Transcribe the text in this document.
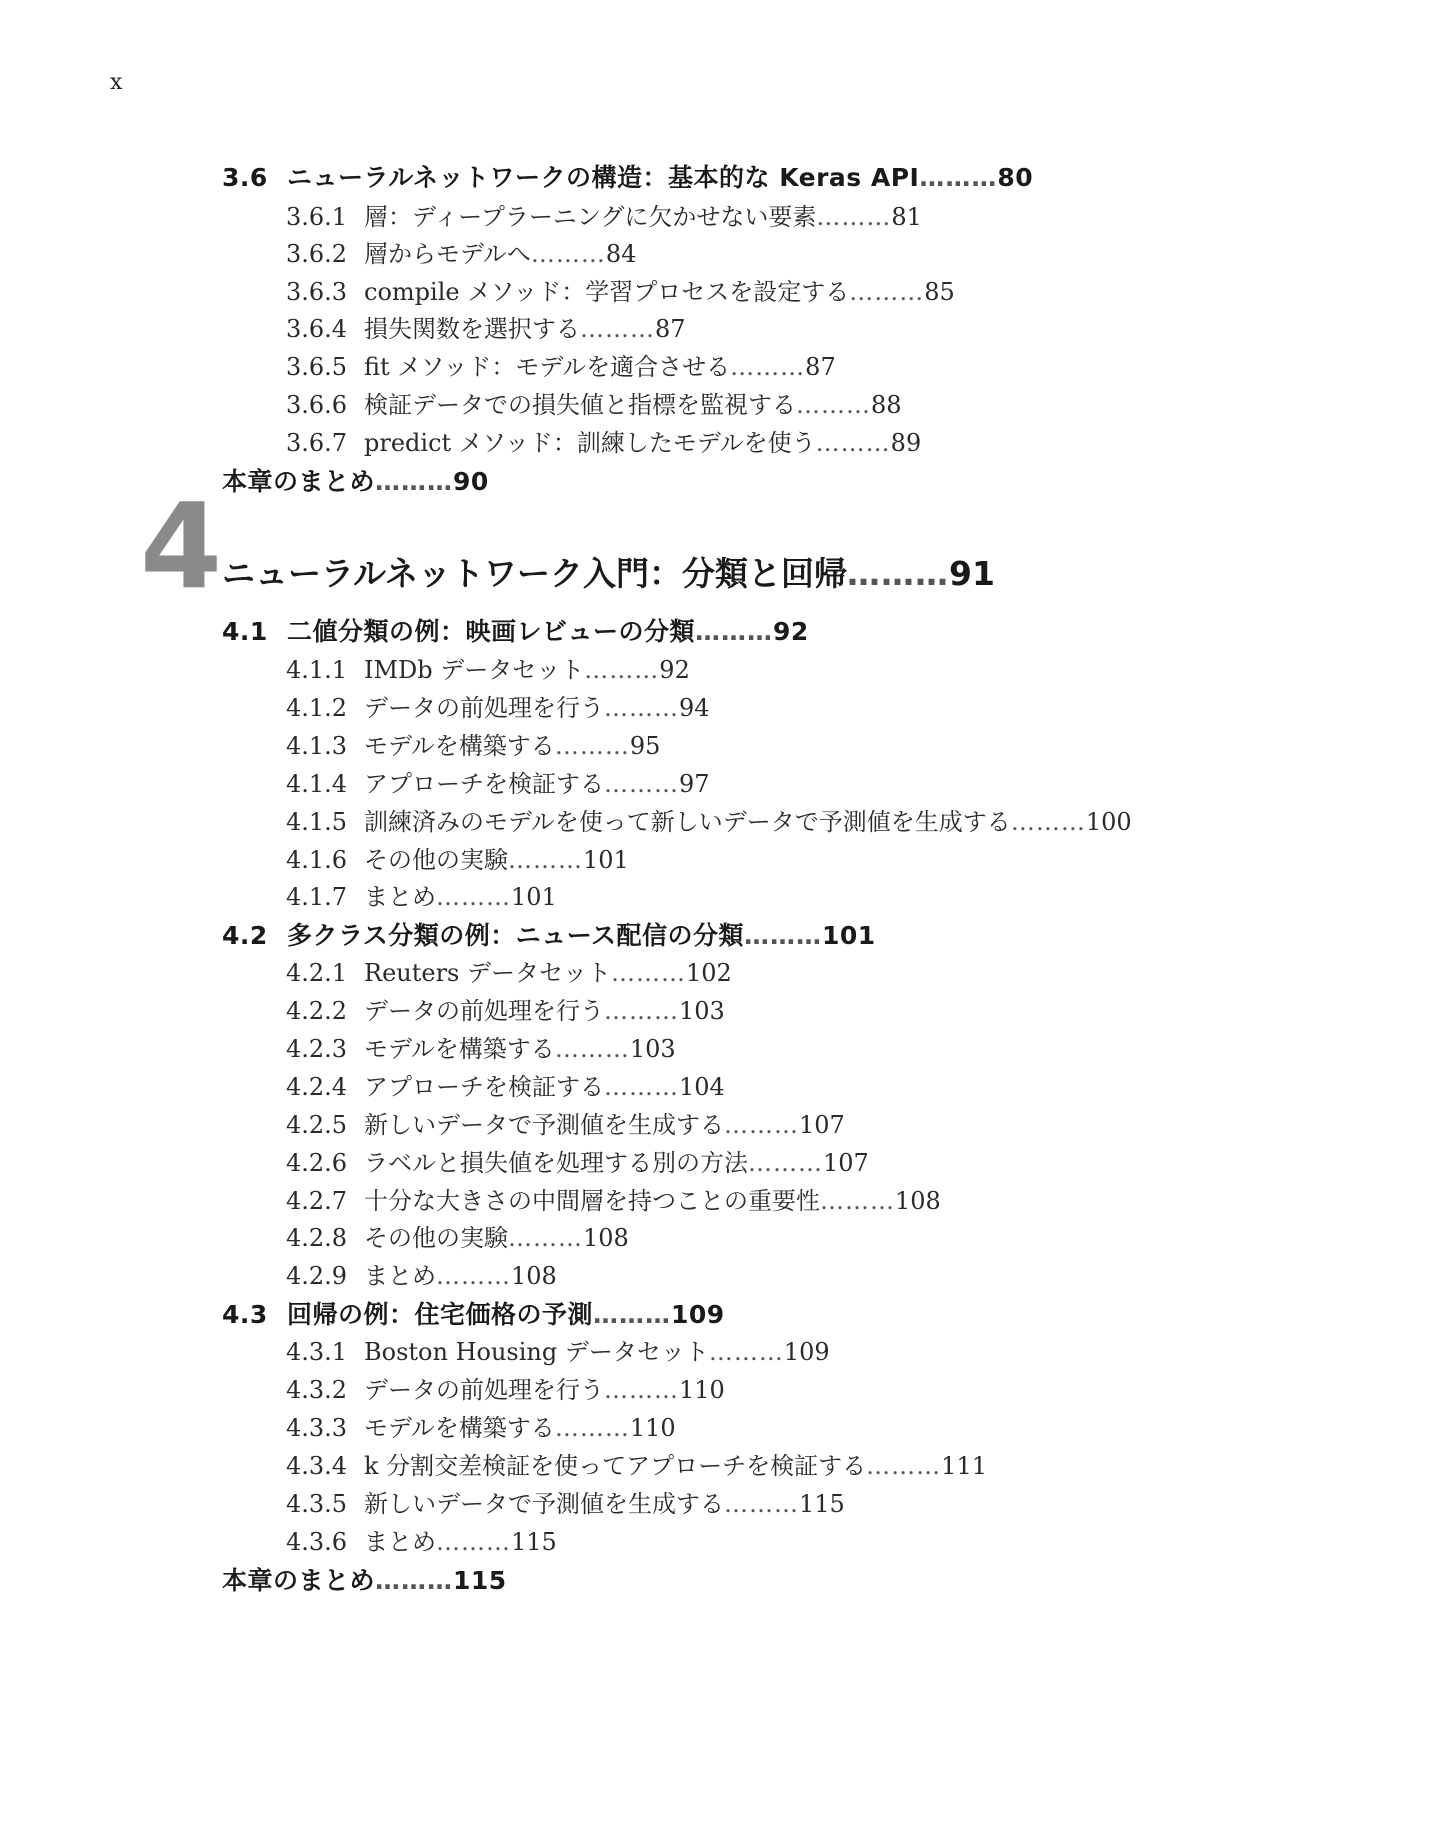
x
4 ニューラルネットワーク入門：分類と回帰………91
3.6 ニューラルネットワークの構造：基本的な Keras API………80
3.6.1 層：ディープラーニングに欠かせない要素………81
3.6.2 層からモデルへ………84
3.6.3 compile メソッド：学習プロセスを設定する………85
3.6.4 損失関数を選択する………87
3.6.5 fit メソッド：モデルを適合させる………87
3.6.6 検証データでの損失値と指標を監視する………88
3.6.7 predict メソッド：訓練したモデルを使う………89
本章のまとめ………90
4.1 二値分類の例：映画レビューの分類………92
4.1.1 IMDb データセット………92
4.1.2 データの前処理を行う………94
4.1.3 モデルを構築する………95
4.1.4 アプローチを検証する………97
4.1.5 訓練済みのモデルを使って新しいデータで予測値を生成する………100
4.1.6 その他の実験………101
4.1.7 まとめ………101
4.2 多クラス分類の例：ニュース配信の分類………101
4.2.1 Reuters データセット………102
4.2.2 データの前処理を行う………103
4.2.3 モデルを構築する………103
4.2.4 アプローチを検証する………104
4.2.5 新しいデータで予測値を生成する………107
4.2.6 ラベルと損失値を処理する別の方法………107
4.2.7 十分な大きさの中間層を持つことの重要性………108
4.2.8 その他の実験………108
4.2.9 まとめ………108
4.3 回帰の例：住宅価格の予測………109
4.3.1 Boston Housing データセット………109
4.3.2 データの前処理を行う………110
4.3.3 モデルを構築する………110
4.3.4 k 分割交差検証を使ってアプローチを検証する………111
4.3.5 新しいデータで予測値を生成する………115
4.3.6 まとめ………115
本章のまとめ………115
